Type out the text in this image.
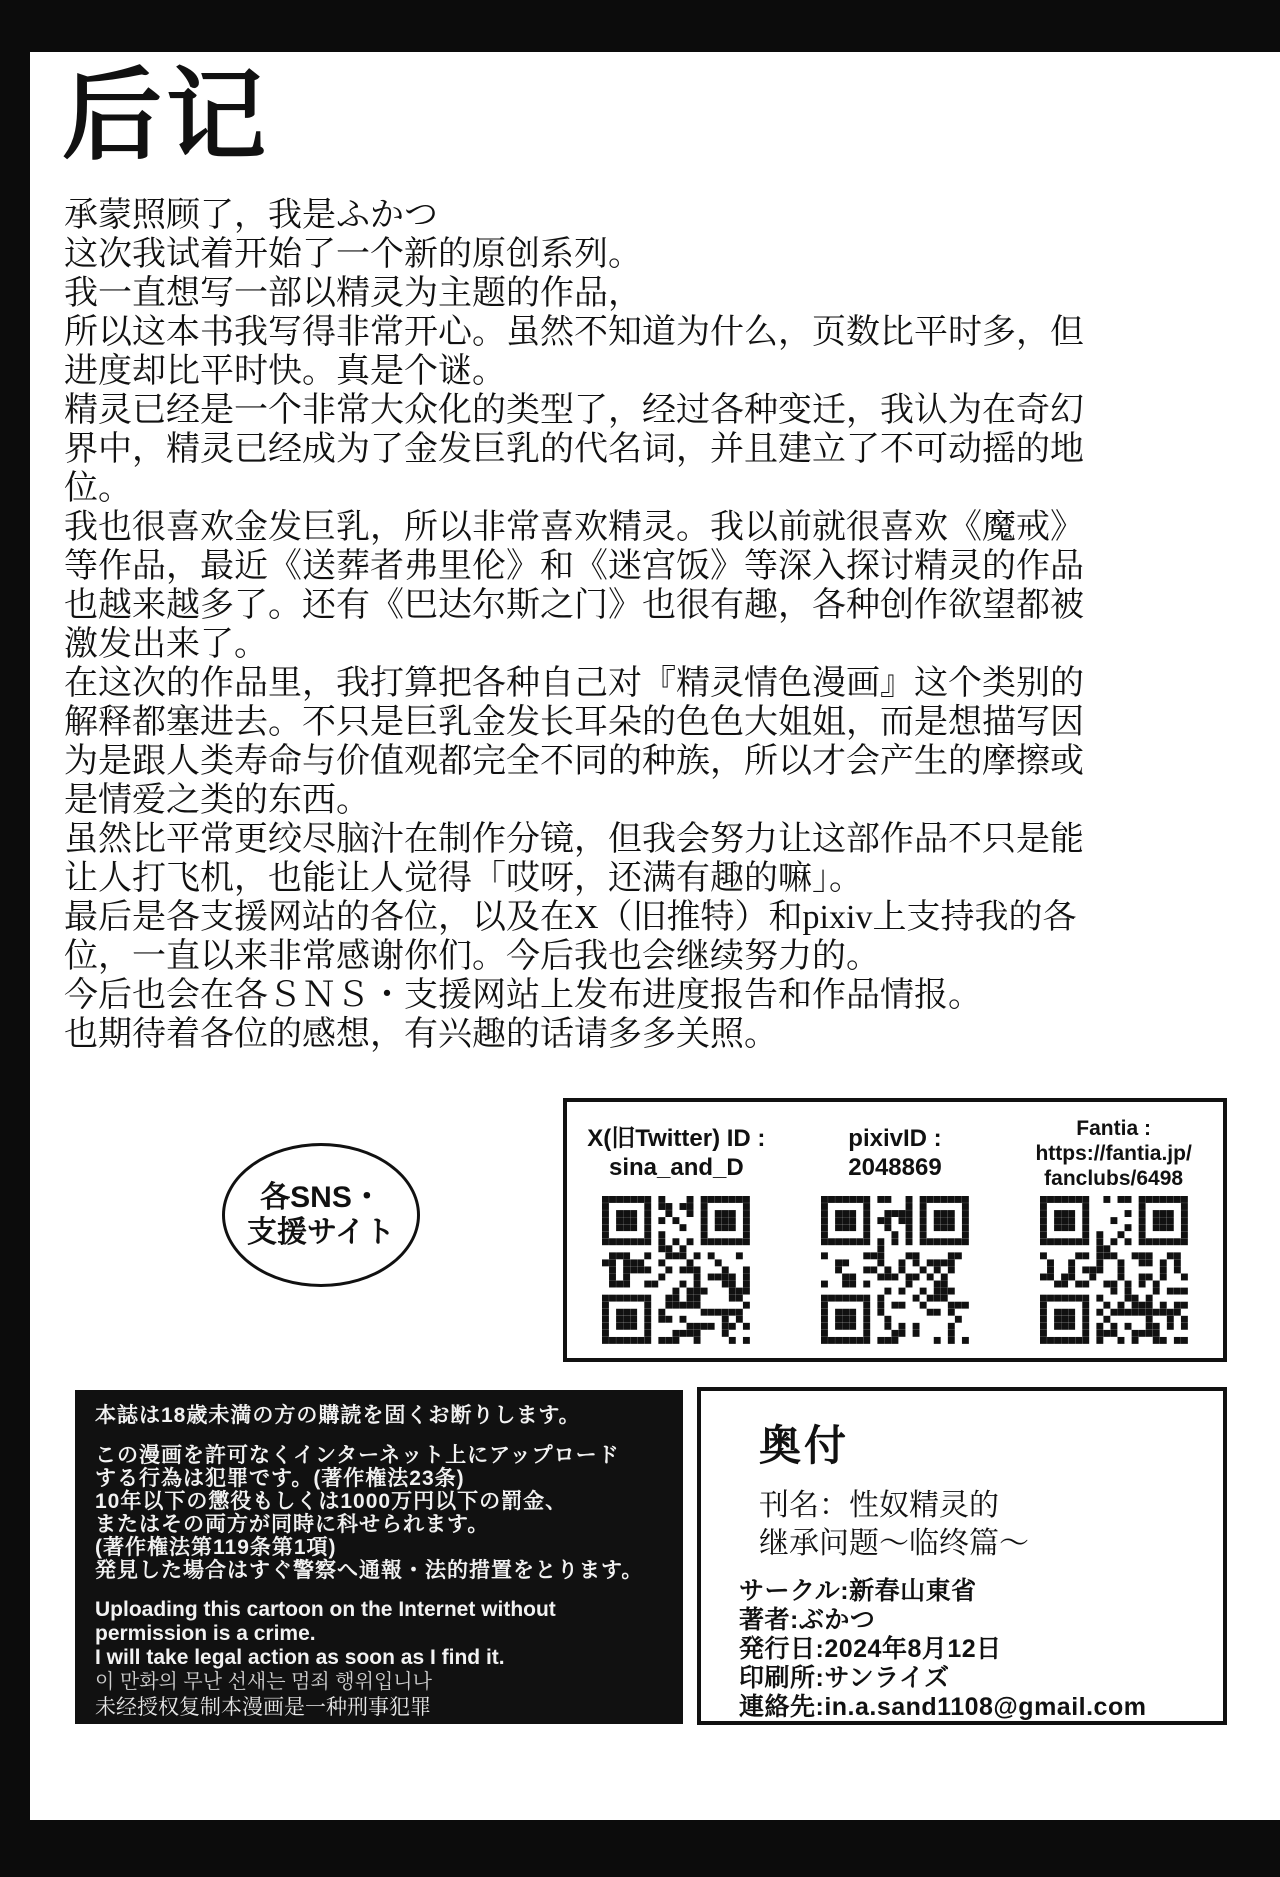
后记
承蒙照顾了，我是ふかつ
这次我试着开始了一个新的原创系列。
我一直想写一部以精灵为主题的作品，
所以这本书我写得非常开心。虽然不知道为什么，页数比平时多，但
进度却比平时快。真是个谜。
精灵已经是一个非常大众化的类型了，经过各种变迁，我认为在奇幻
界中，精灵已经成为了金发巨乳的代名词，并且建立了不可动摇的地
位。
我也很喜欢金发巨乳，所以非常喜欢精灵。我以前就很喜欢《魔戒》
等作品，最近《送葬者弗里伦》和《迷宫饭》等深入探讨精灵的作品
也越来越多了。还有《巴达尔斯之门》也很有趣，各种创作欲望都被
激发出来了。
在这次的作品里，我打算把各种自己对『精灵情色漫画』这个类别的
解释都塞进去。不只是巨乳金发长耳朵的色色大姐姐，而是想描写因
为是跟人类寿命与价值观都完全不同的种族，所以才会产生的摩擦或
是情爱之类的东西。
虽然比平常更绞尽脑汁在制作分镜，但我会努力让这部作品不只是能
让人打飞机，也能让人觉得「哎呀，还满有趣的嘛」。
最后是各支援网站的各位，以及在X（旧推特）和pixiv上支持我的各
位，一直以来非常感谢你们。今后我也会继续努力的。
今后也会在各ＳＮＳ・支援网站上发布进度报告和作品情报。
也期待着各位的感想，有兴趣的话请多多关照。
各SNS・
支援サイト
X(旧Twitter) ID :
sina_and_D
pixivID :
2048869
Fantia :
https://fantia.jp/
fanclubs/6498
本誌は18歳未満の方の購読を固くお断りします。
この漫画を許可なくインターネット上にアップロード
する行為は犯罪です。(著作権法23条)
10年以下の懲役もしくは1000万円以下の罰金、
またはその両方が同時に科せられます。
(著作権法第119条第1項)
発見した場合はすぐ警察へ通報・法的措置をとります。
Uploading this cartoon on the Internet without
permission is a crime.
I will take legal action as soon as I find it.
이 만화의 무난 선새는 멈죄 행위입니나
未经授权复制本漫画是一种刑事犯罪
奥付
刊名：性奴精灵的
继承问题～临终篇～
サークル:新春山東省
著者:ぶかつ
発行日:2024年8月12日
印刷所:サンライズ
連絡先:in.a.sand1108@gmail.com
